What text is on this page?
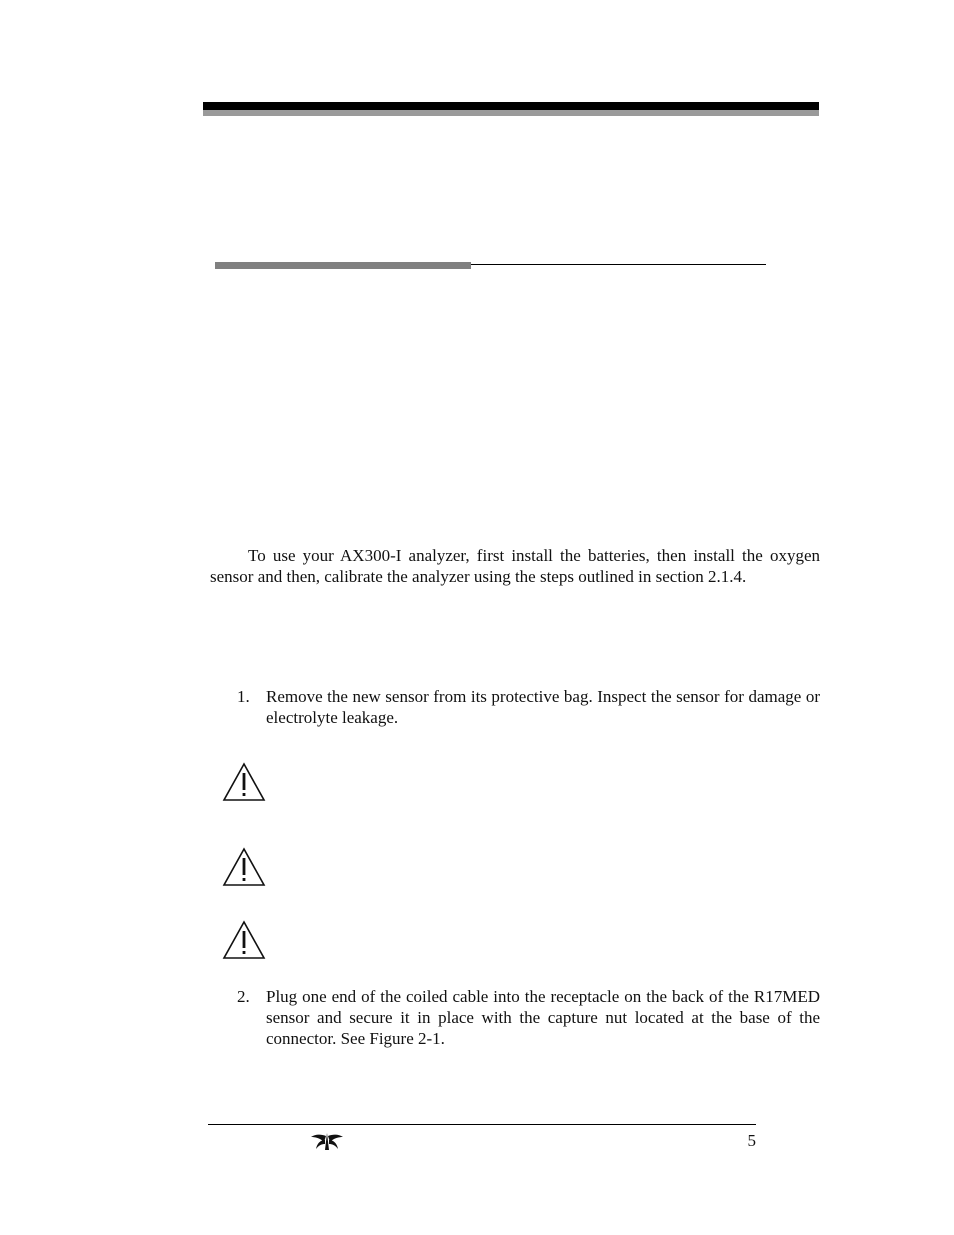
To use your AX300-I analyzer, first install the batteries, then install the oxygen sensor and then, calibrate the analyzer using the steps outlined in section 2.1.4.

1. Remove the new sensor from its protective bag. Inspect the sensor for damage or electrolyte leakage.
2. Plug one end of the coiled cable into the receptacle on the back of the R17MED sensor and secure it in place with the capture nut located at the base of the connector. See Figure 2-1.
5
